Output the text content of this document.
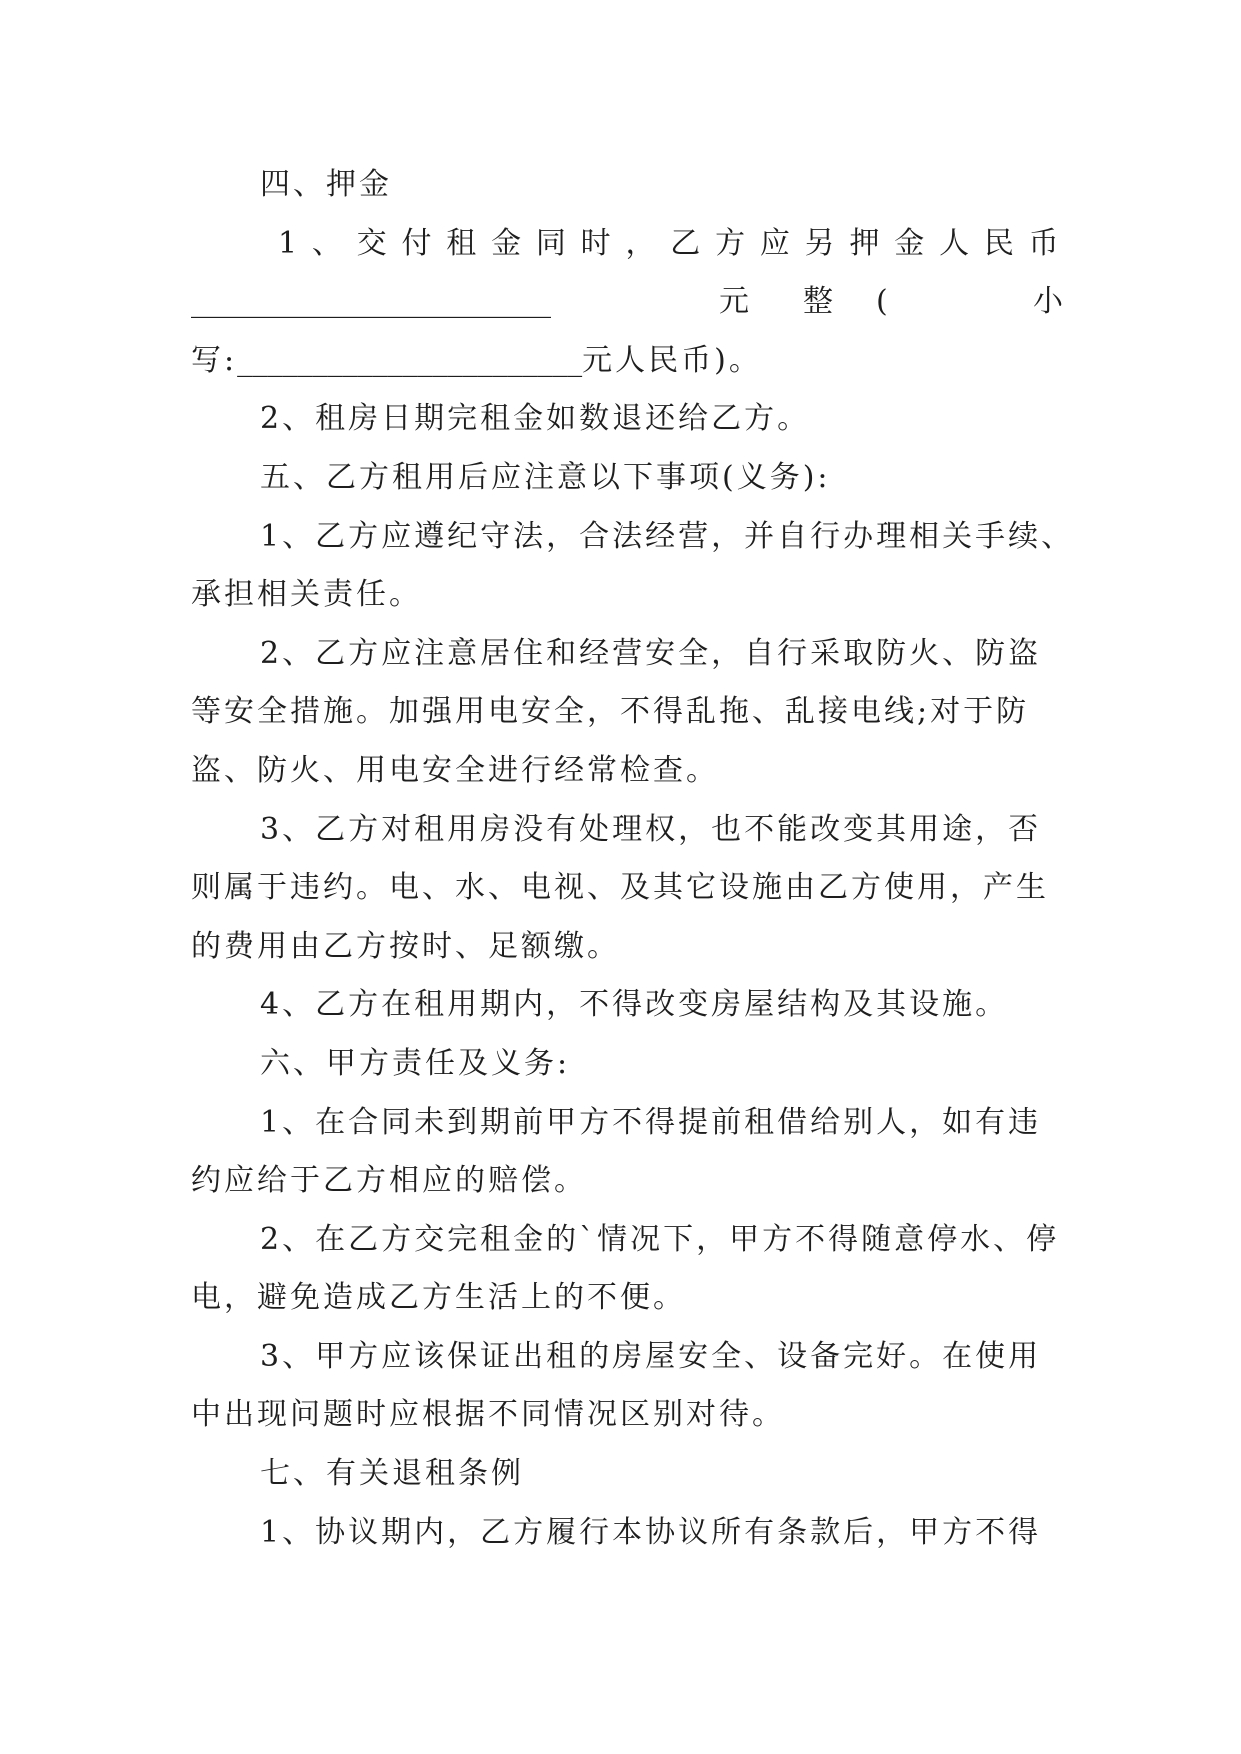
四、押金
1、交付租金同时，乙方应另押金人民币
________________________	元 整 (	小
写:_______________________元人民币)。
2、租房日期完租金如数退还给乙方。
五、乙方租用后应注意以下事项(义务):
1、乙方应遵纪守法，合法经营，并自行办理相关手续、
承担相关责任。
2、乙方应注意居住和经营安全，自行采取防火、防盗
等安全措施。加强用电安全，不得乱拖、乱接电线;对于防
盗、防火、用电安全进行经常检查。
3、乙方对租用房没有处理权，也不能改变其用途，否
则属于违约。电、水、电视、及其它设施由乙方使用，产生
的费用由乙方按时、足额缴。
4、乙方在租用期内，不得改变房屋结构及其设施。
六、甲方责任及义务:
1、在合同未到期前甲方不得提前租借给别人，如有违
约应给于乙方相应的赔偿。
2、在乙方交完租金的`情况下，甲方不得随意停水、停
电，避免造成乙方生活上的不便。
3、甲方应该保证出租的房屋安全、设备完好。在使用
中出现问题时应根据不同情况区别对待。
七、有关退租条例
1、协议期内，乙方履行本协议所有条款后，甲方不得
